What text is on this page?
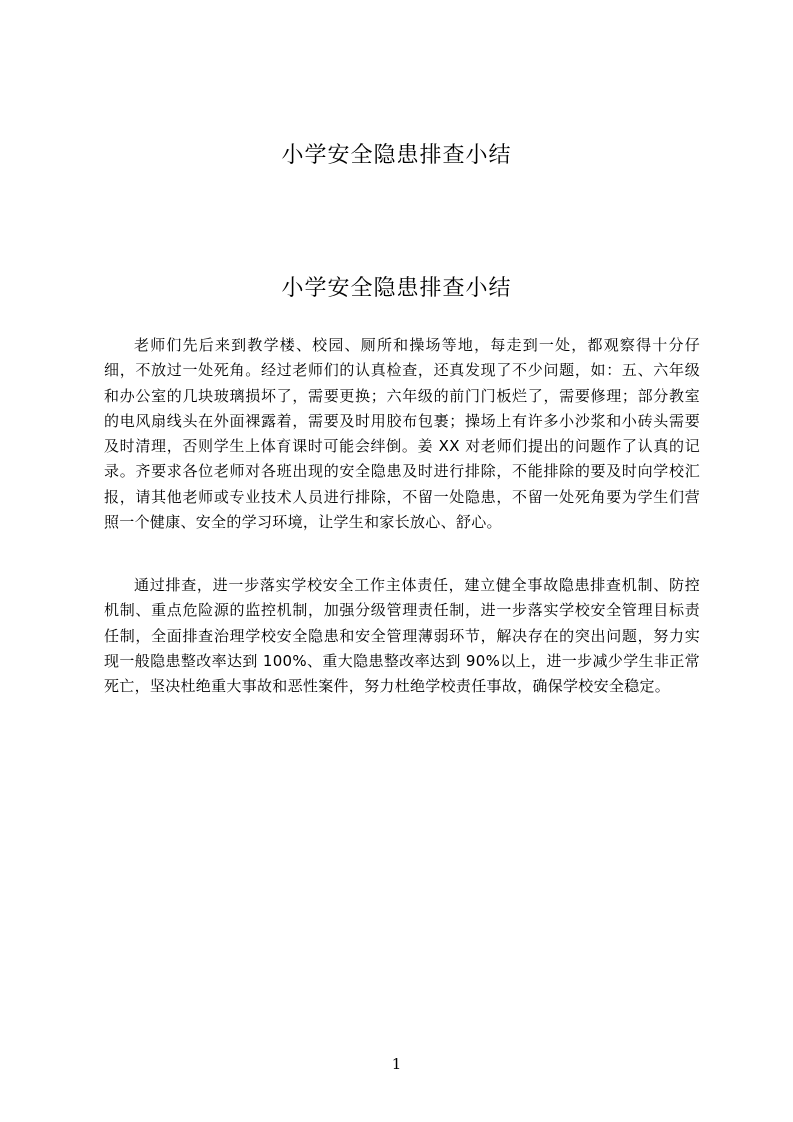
小学安全隐患排查小结
小学安全隐患排查小结

老师们先后来到教学楼、校园、厕所和操场等地，每走到一处，都观察得十分仔细，不放过一处死角。经过老师们的认真检查，还真发现了不少问题，如：五、六年级和办公室的几块玻璃损坏了，需要更换；六年级的前门门板烂了，需要修理；部分教室的电风扇线头在外面裸露着，需要及时用胶布包裹；操场上有许多小沙浆和小砖头需要及时清理，否则学生上体育课时可能会绊倒。姜 XX 对老师们提出的问题作了认真的记录。齐要求各位老师对各班出现的安全隐患及时进行排除，不能排除的要及时向学校汇报，请其他老师或专业技术人员进行排除，不留一处隐患，不留一处死角要为学生们营照一个健康、安全的学习环境，让学生和家长放心、舒心。

通过排查，进一步落实学校安全工作主体责任，建立健全事故隐患排查机制、防控机制、重点危险源的监控机制，加强分级管理责任制，进一步落实学校安全管理目标责任制，全面排查治理学校安全隐患和安全管理薄弱环节，解决存在的突出问题，努力实现一般隐患整改率达到 100%、重大隐患整改率达到 90%以上，进一步减少学生非正常死亡，坚决杜绝重大事故和恶性案件，努力杜绝学校责任事故，确保学校安全稳定。

1
